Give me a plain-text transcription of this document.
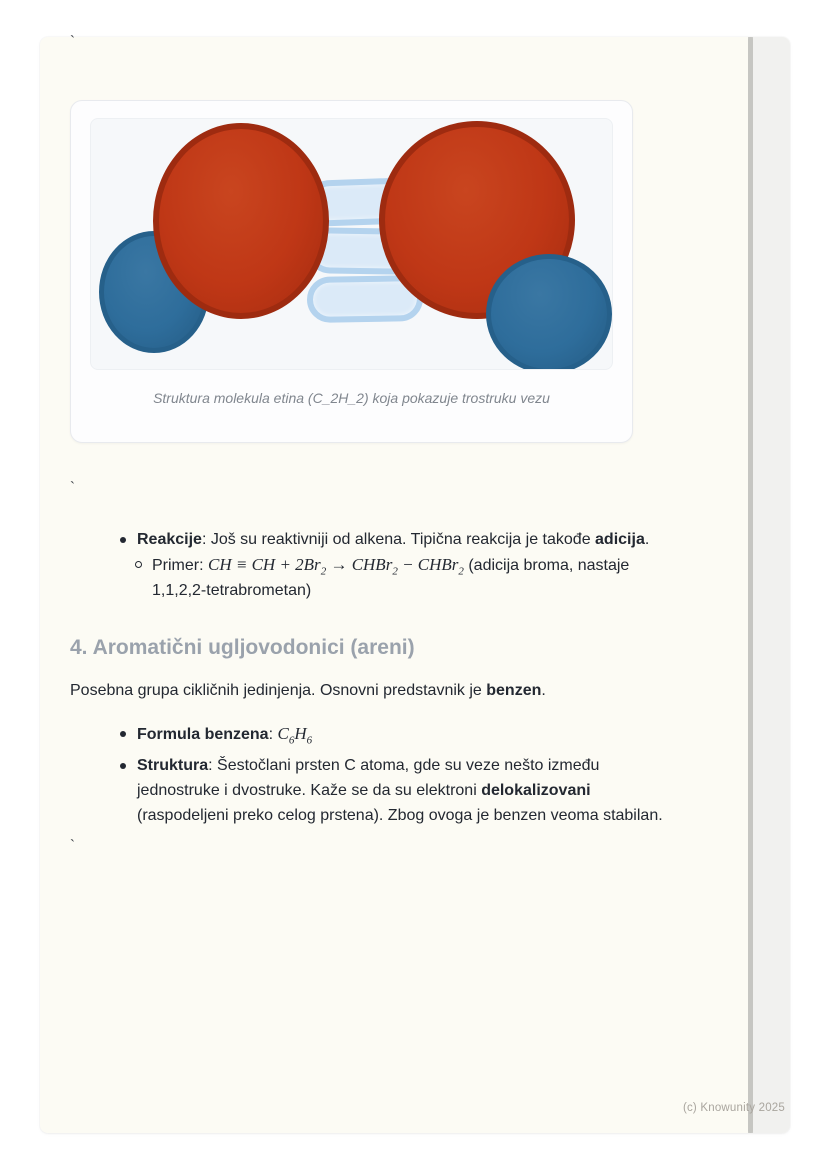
`
Struktura molekula etina (C_2H_2) koja pokazuje trostruku vezu
`
Reakcije: Još su reaktivniji od alkena. Tipična reakcija je takođe adicija.
Primer: CH ≡ CH + $2Br_2$ → CHBr$_2$ − CHBr$_2$ (adicija broma, nastaje
1,1,2,2-tetrabrometan)
4. Aromatični ugljovodonici (areni)

Posebna grupa cikličnih jedinjenja. Osnovni predstavnik je benzen.

Formula benzena: $C_6H_6$
Struktura: Šestočlani prsten C atoma, gde su veze nešto između
jednostruke i dvostruke. Kaže se da su elektroni delokalizovani
(raspodeljeni preko celog prstena). Zbog ovoga je benzen veoma stabilan.
`
(c) Knowunity 2025
